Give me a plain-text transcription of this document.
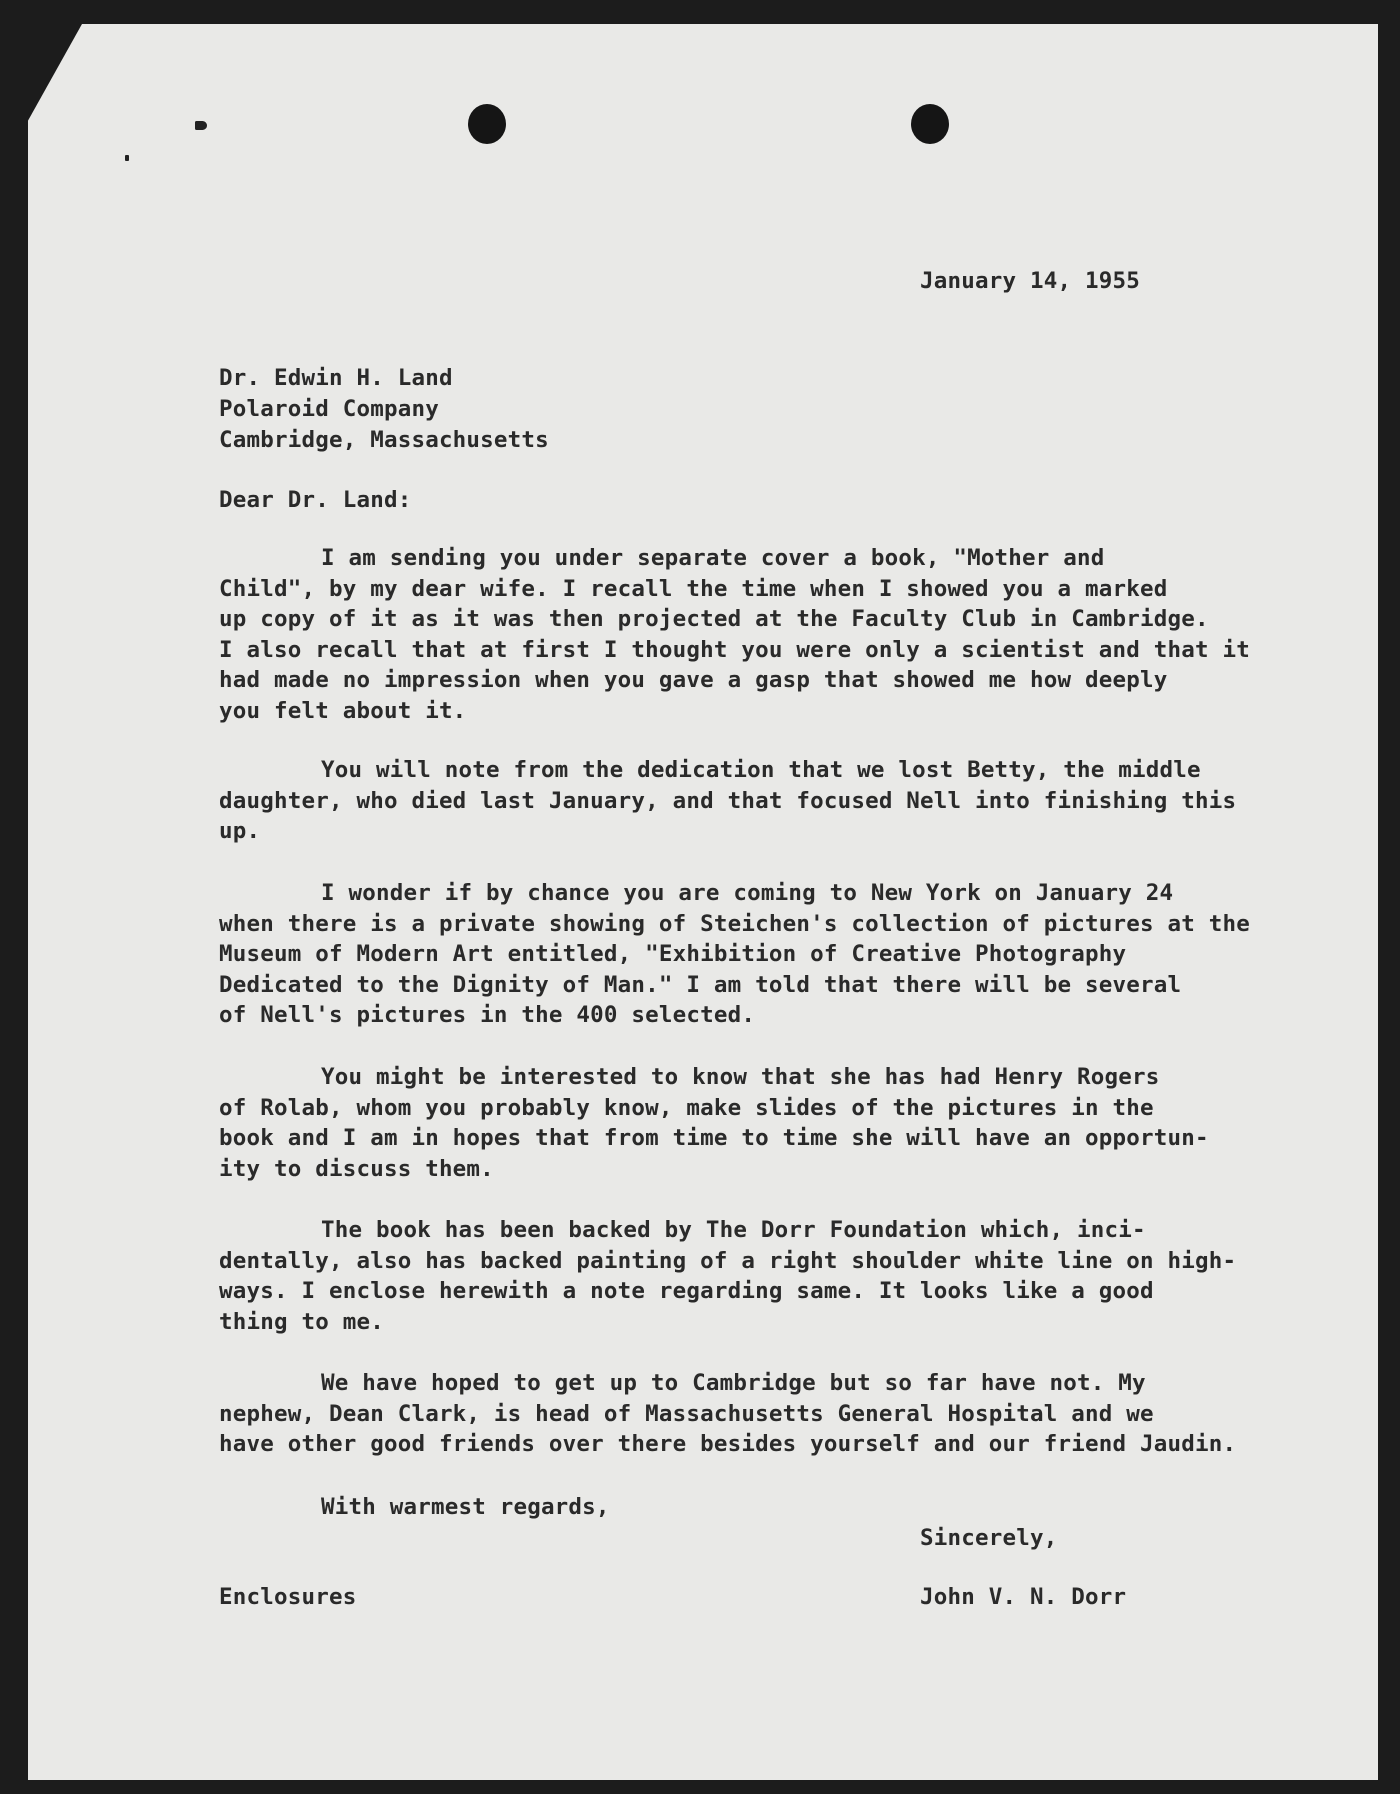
January 14, 1955
Dr. Edwin H. Land
Polaroid Company
Cambridge, Massachusetts
Dear Dr. Land:
I am sending you under separate cover a book, "Mother and
Child", by my dear wife. I recall the time when I showed you a marked
up copy of it as it was then projected at the Faculty Club in Cambridge.
I also recall that at first I thought you were only a scientist and that it
had made no impression when you gave a gasp that showed me how deeply
you felt about it.
You will note from the dedication that we lost Betty, the middle
daughter, who died last January, and that focused Nell into finishing this
up.
I wonder if by chance you are coming to New York on January 24
when there is a private showing of Steichen's collection of pictures at the
Museum of Modern Art entitled, "Exhibition of Creative Photography
Dedicated to the Dignity of Man." I am told that there will be several
of Nell's pictures in the 400 selected.
You might be interested to know that she has had Henry Rogers
of Rolab, whom you probably know, make slides of the pictures in the
book and I am in hopes that from time to time she will have an opportun-
ity to discuss them.
The book has been backed by The Dorr Foundation which, inci-
dentally, also has backed painting of a right shoulder white line on high-
ways. I enclose herewith a note regarding same. It looks like a good
thing to me.
We have hoped to get up to Cambridge but so far have not. My
nephew, Dean Clark, is head of Massachusetts General Hospital and we
have other good friends over there besides yourself and our friend Jaudin.
With warmest regards,
Sincerely,
Enclosures	John V. N. Dorr
